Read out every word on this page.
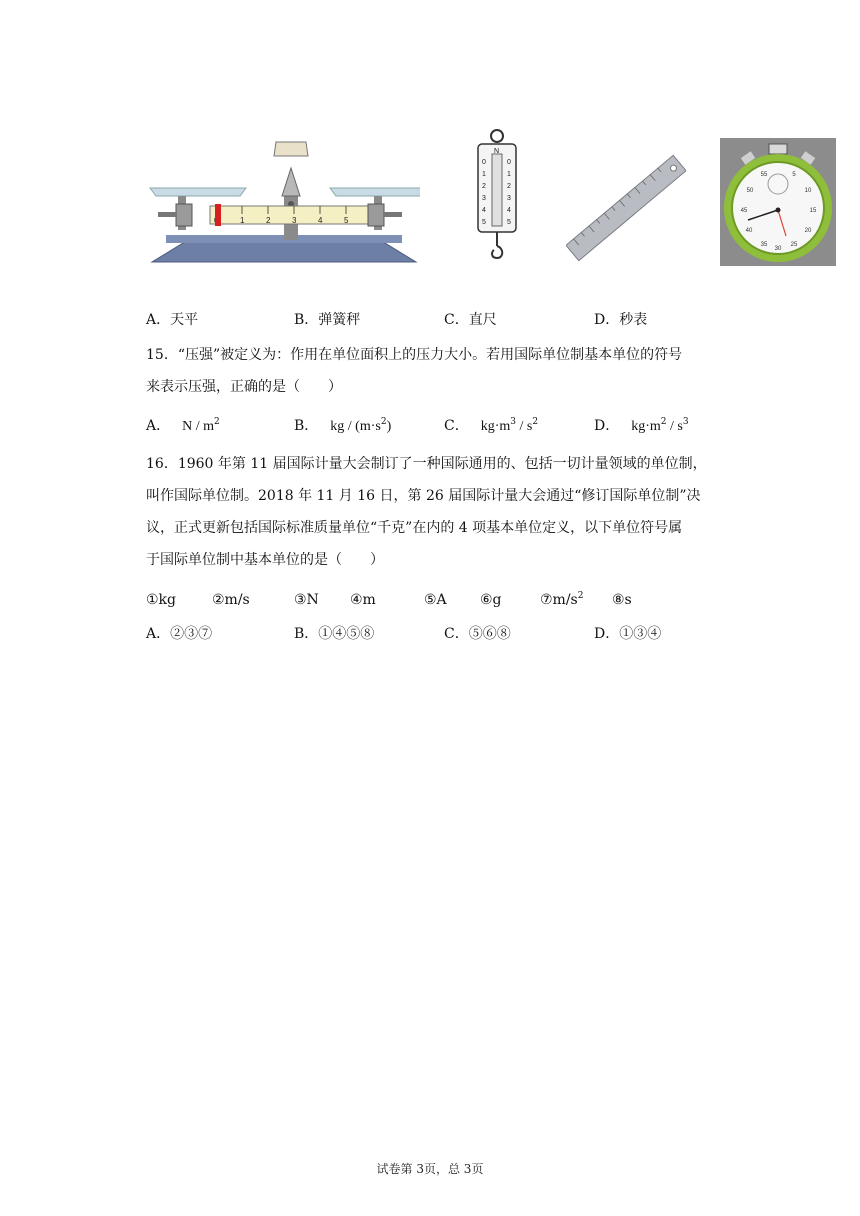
1	2	3	4	5
N
0
1
2
3
4
5
0
1
2
3
4
5
55	5
50	10
45	15
40	20
35	25
30
A．天平	B．弹簧秤	C．直尺	D．秒表
15．“压强”被定义为：作用在单位面积上的压力大小。若用国际单位制基本单位的符号
来表示压强，正确的是（　　）
A． N / $m^2$	B． kg / $(m\cdot s^2)$	C． $kg\cdot m^3 / s^2$	D． $kg\cdot m^2 / s^3$
16．1960 年第 11 届国际计量大会制订了一种国际通用的、包括一切计量领域的单位制，
叫作国际单位制。2018 年 11 月 16 日，第 26 届国际计量大会通过“修订国际单位制”决
议，正式更新包括国际标准质量单位“千克”在内的 4 项基本单位定义，以下单位符号属
于国际单位制中基本单位的是（　　）
①kg	②m/s	③N ④m	⑤A ⑥g	$⑦m/s^2$ ⑧s
A．②③⑦	B．①④⑤⑧	C．⑤⑥⑧	D．①③④
试卷第 3页，总 3页
